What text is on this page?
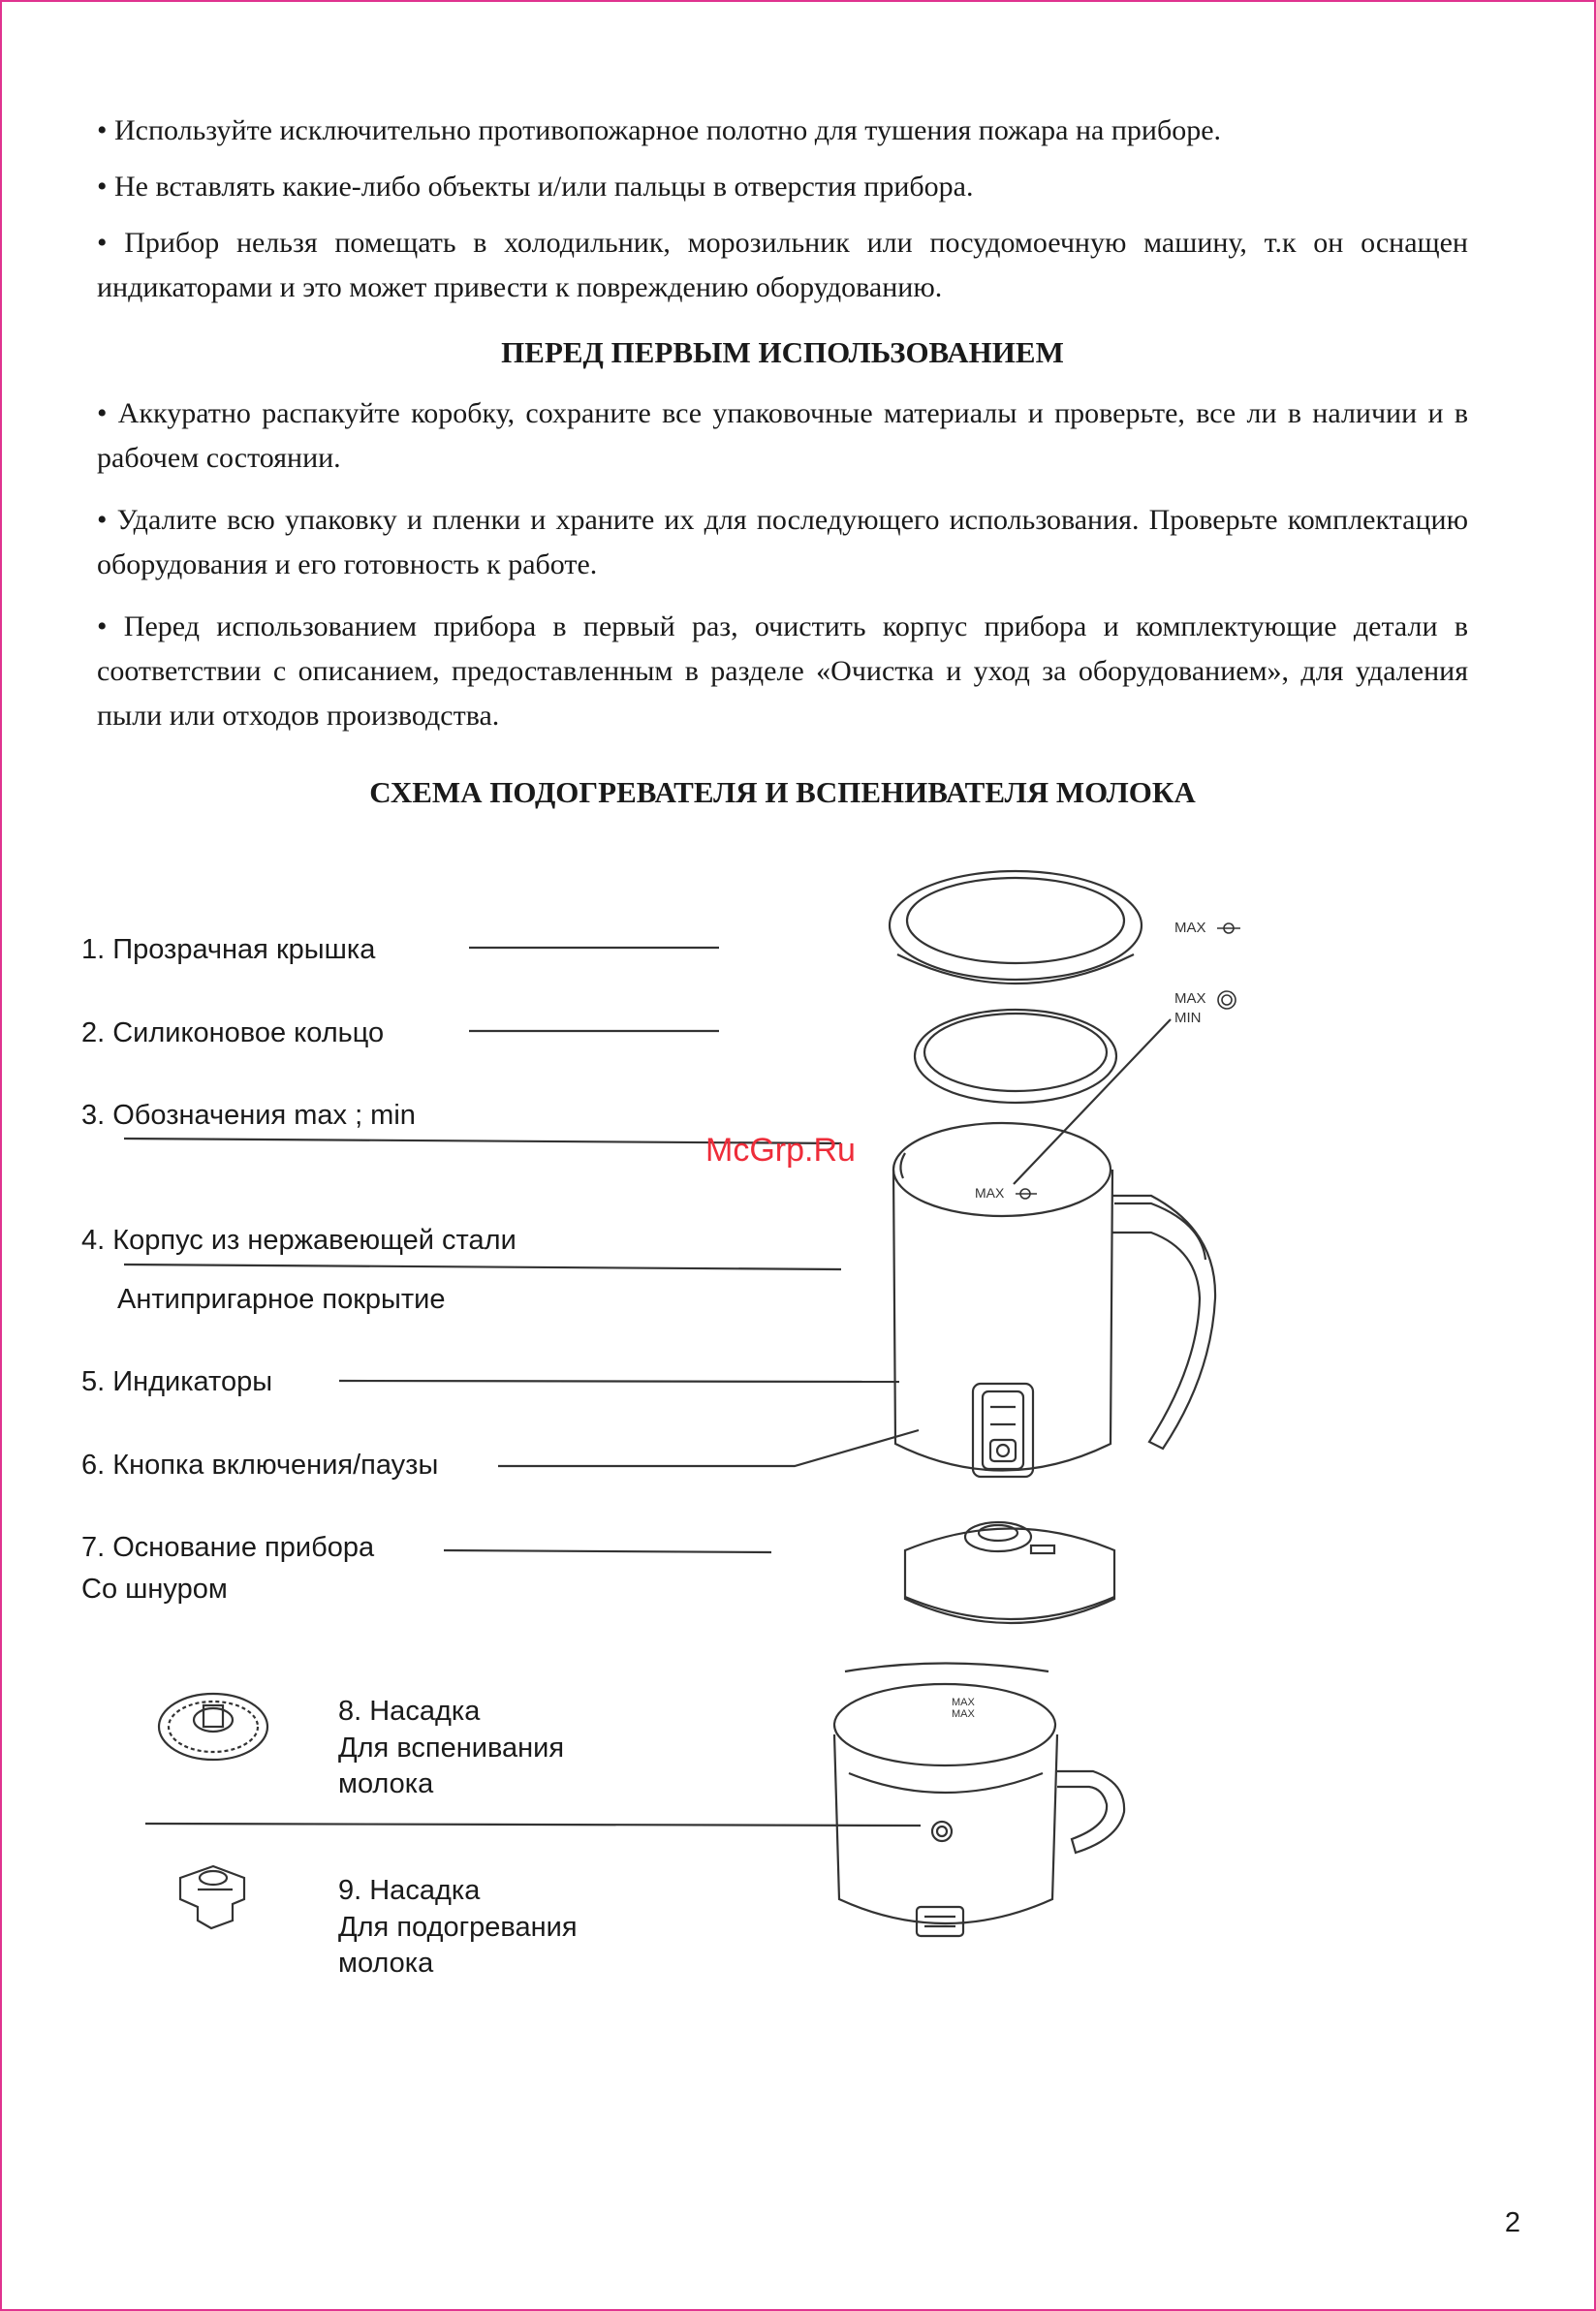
• Используйте исключительно противопожарное полотно для тушения пожара на приборе.

• Не вставлять какие-либо объекты и/или пальцы в отверстия прибора.

• Прибор нельзя помещать в холодильник, морозильник или посудомоечную машину, т.к он оснащен индикаторами и это может привести к повреждению оборудованию.

ПЕРЕД ПЕРВЫМ ИСПОЛЬЗОВАНИЕМ

• Аккуратно распакуйте коробку, сохраните все упаковочные материалы и проверьте, все ли в наличии и в рабочем состоянии.

• Удалите всю упаковку и пленки и храните их для последующего использования. Проверьте комплектацию оборудования и его готовность к работе.

• Перед использованием прибора в первый раз, очистить корпус прибора и комплектующие детали в соответствии с описанием, предоставленным в разделе «Очистка и уход за оборудованием», для удаления пыли или отходов производства.

СХЕМА ПОДОГРЕВАТЕЛЯ И ВСПЕНИВАТЕЛЯ МОЛОКА
1. Прозрачная крышка
2. Силиконовое кольцо
3. Обозначения max ; min
4. Корпус из нержавеющей стали
Антипригарное покрытие
5. Индикаторы
6. Кнопка включения/паузы
7. Основание прибора
Со шнуром
8. Насадка
Для вспенивания
молока
9. Насадка
Для подогревания
молока
MAX
MAX
MIN
MAX
MAX
MAX
McGrp.Ru
2
